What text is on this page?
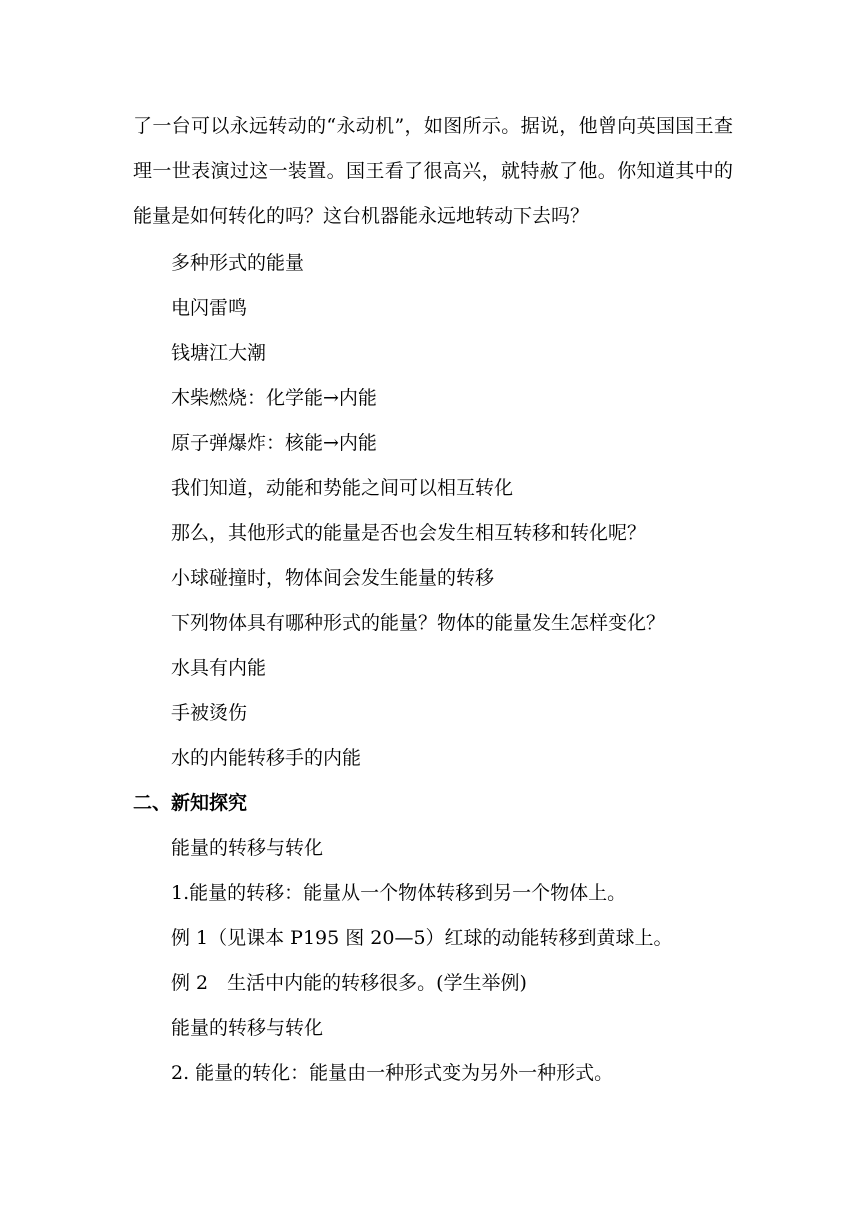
了一台可以永远转动的“永动机”，如图所示。据说，他曾向英国国王查理一世表演过这一装置。国王看了很高兴，就特赦了他。你知道其中的能量是如何转化的吗？这台机器能永远地转动下去吗？

多种形式的能量

电闪雷鸣

钱塘江大潮

木柴燃烧：化学能→内能

原子弹爆炸：核能→内能

我们知道，动能和势能之间可以相互转化

那么，其他形式的能量是否也会发生相互转移和转化呢？

小球碰撞时，物体间会发生能量的转移

下列物体具有哪种形式的能量？物体的能量发生怎样变化？

水具有内能

手被烫伤

水的内能转移手的内能

二、新知探究

能量的转移与转化

1.能量的转移：能量从一个物体转移到另一个物体上。

例 1（见课本 P195 图 20—5）红球的动能转移到黄球上。

例 2　生活中内能的转移很多。(学生举例)

能量的转移与转化

2. 能量的转化：能量由一种形式变为另外一种形式。
